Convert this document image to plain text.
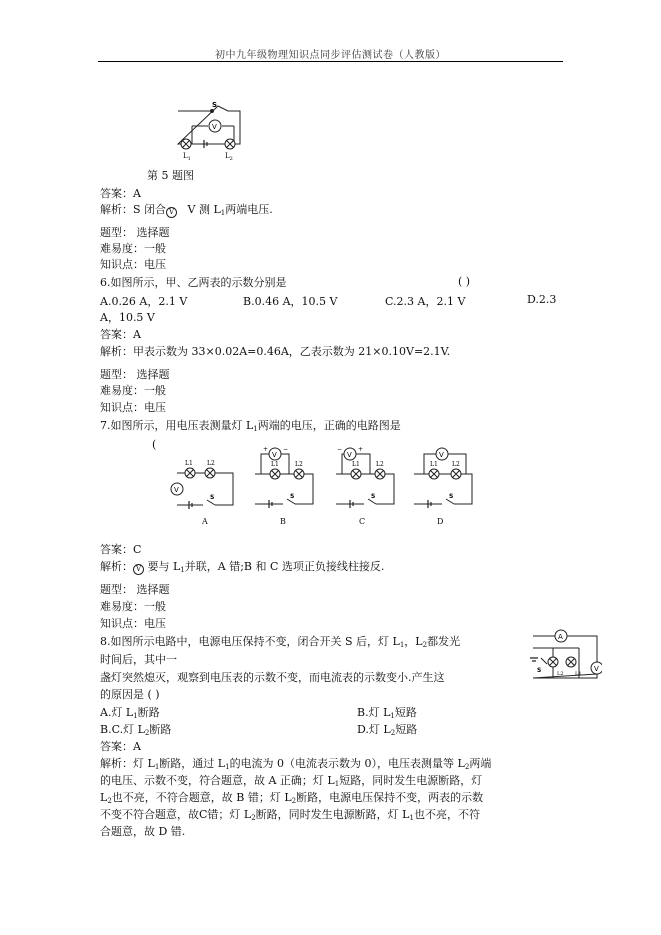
初中九年级物理知识点同步评估测试卷（人教版）
S
V
$L_1$	$L_2$
第 5 题图
答案：A
解析：S 闭合 V V 测 $L_1$两端电压.
题型： 选择题
难易度：一般
知识点：电压
6.如图所示，甲、乙两表的示数分别是	( )
A.0.26 A，2.1 V	B.0.46 A，10.5 V	C.2.3 A，2.1 V	D.2.3
A，10.5 V
答案：A
解析：甲表示数为 33×0.02A=0.46A，乙表示数为 21×0.10V=2.1V.
题型： 选择题
难易度：一般
知识点：电压
7.如图所示，用电压表测量灯 $L_1$两端的电压，正确的电路图是
(
V
L1 L2
S
A
V
+ −
L1	L2
S
B
V
−	+
L1	L2
S
C
V
L1 L2
S
D
答案：C
解析： V 要与 $L_1$并联，A 错;B 和 C 选项正负接线柱接反.
题型： 选择题
难易度：一般
知识点：电压
8.如图所示电路中，电源电压保持不变，闭合开关 S 后，灯 $L_1$，$L_2$都发光
时间后，其中一
盏灯突然熄灭，观察到电压表的示数不变，而电流表的示数变小.产生这
的原因是 ( )
A
V
S	L2 L1
A.灯 $L_1$断路	B.灯 $L_1$短路
B.C.灯 $L_2$断路	D.灯 $L_2$短路
答案：A
解析：灯 $L_1$断路，通过 $L_1$的电流为 0（电流表示数为 0），电压表测量等 $L_2$两端
的电压、示数不变，符合题意，故 A 正确；灯 $L_1$短路，同时发生电源断路，灯
$L_2$也不亮，不符合题意，故 B 错；灯 $L_2$断路，电源电压保持不变，两表的示数
不变不符合题意，故C错；灯 $L_2$断路，同时发生电源断路，灯 $L_1$也不亮，不符
合题意，故 D 错.
